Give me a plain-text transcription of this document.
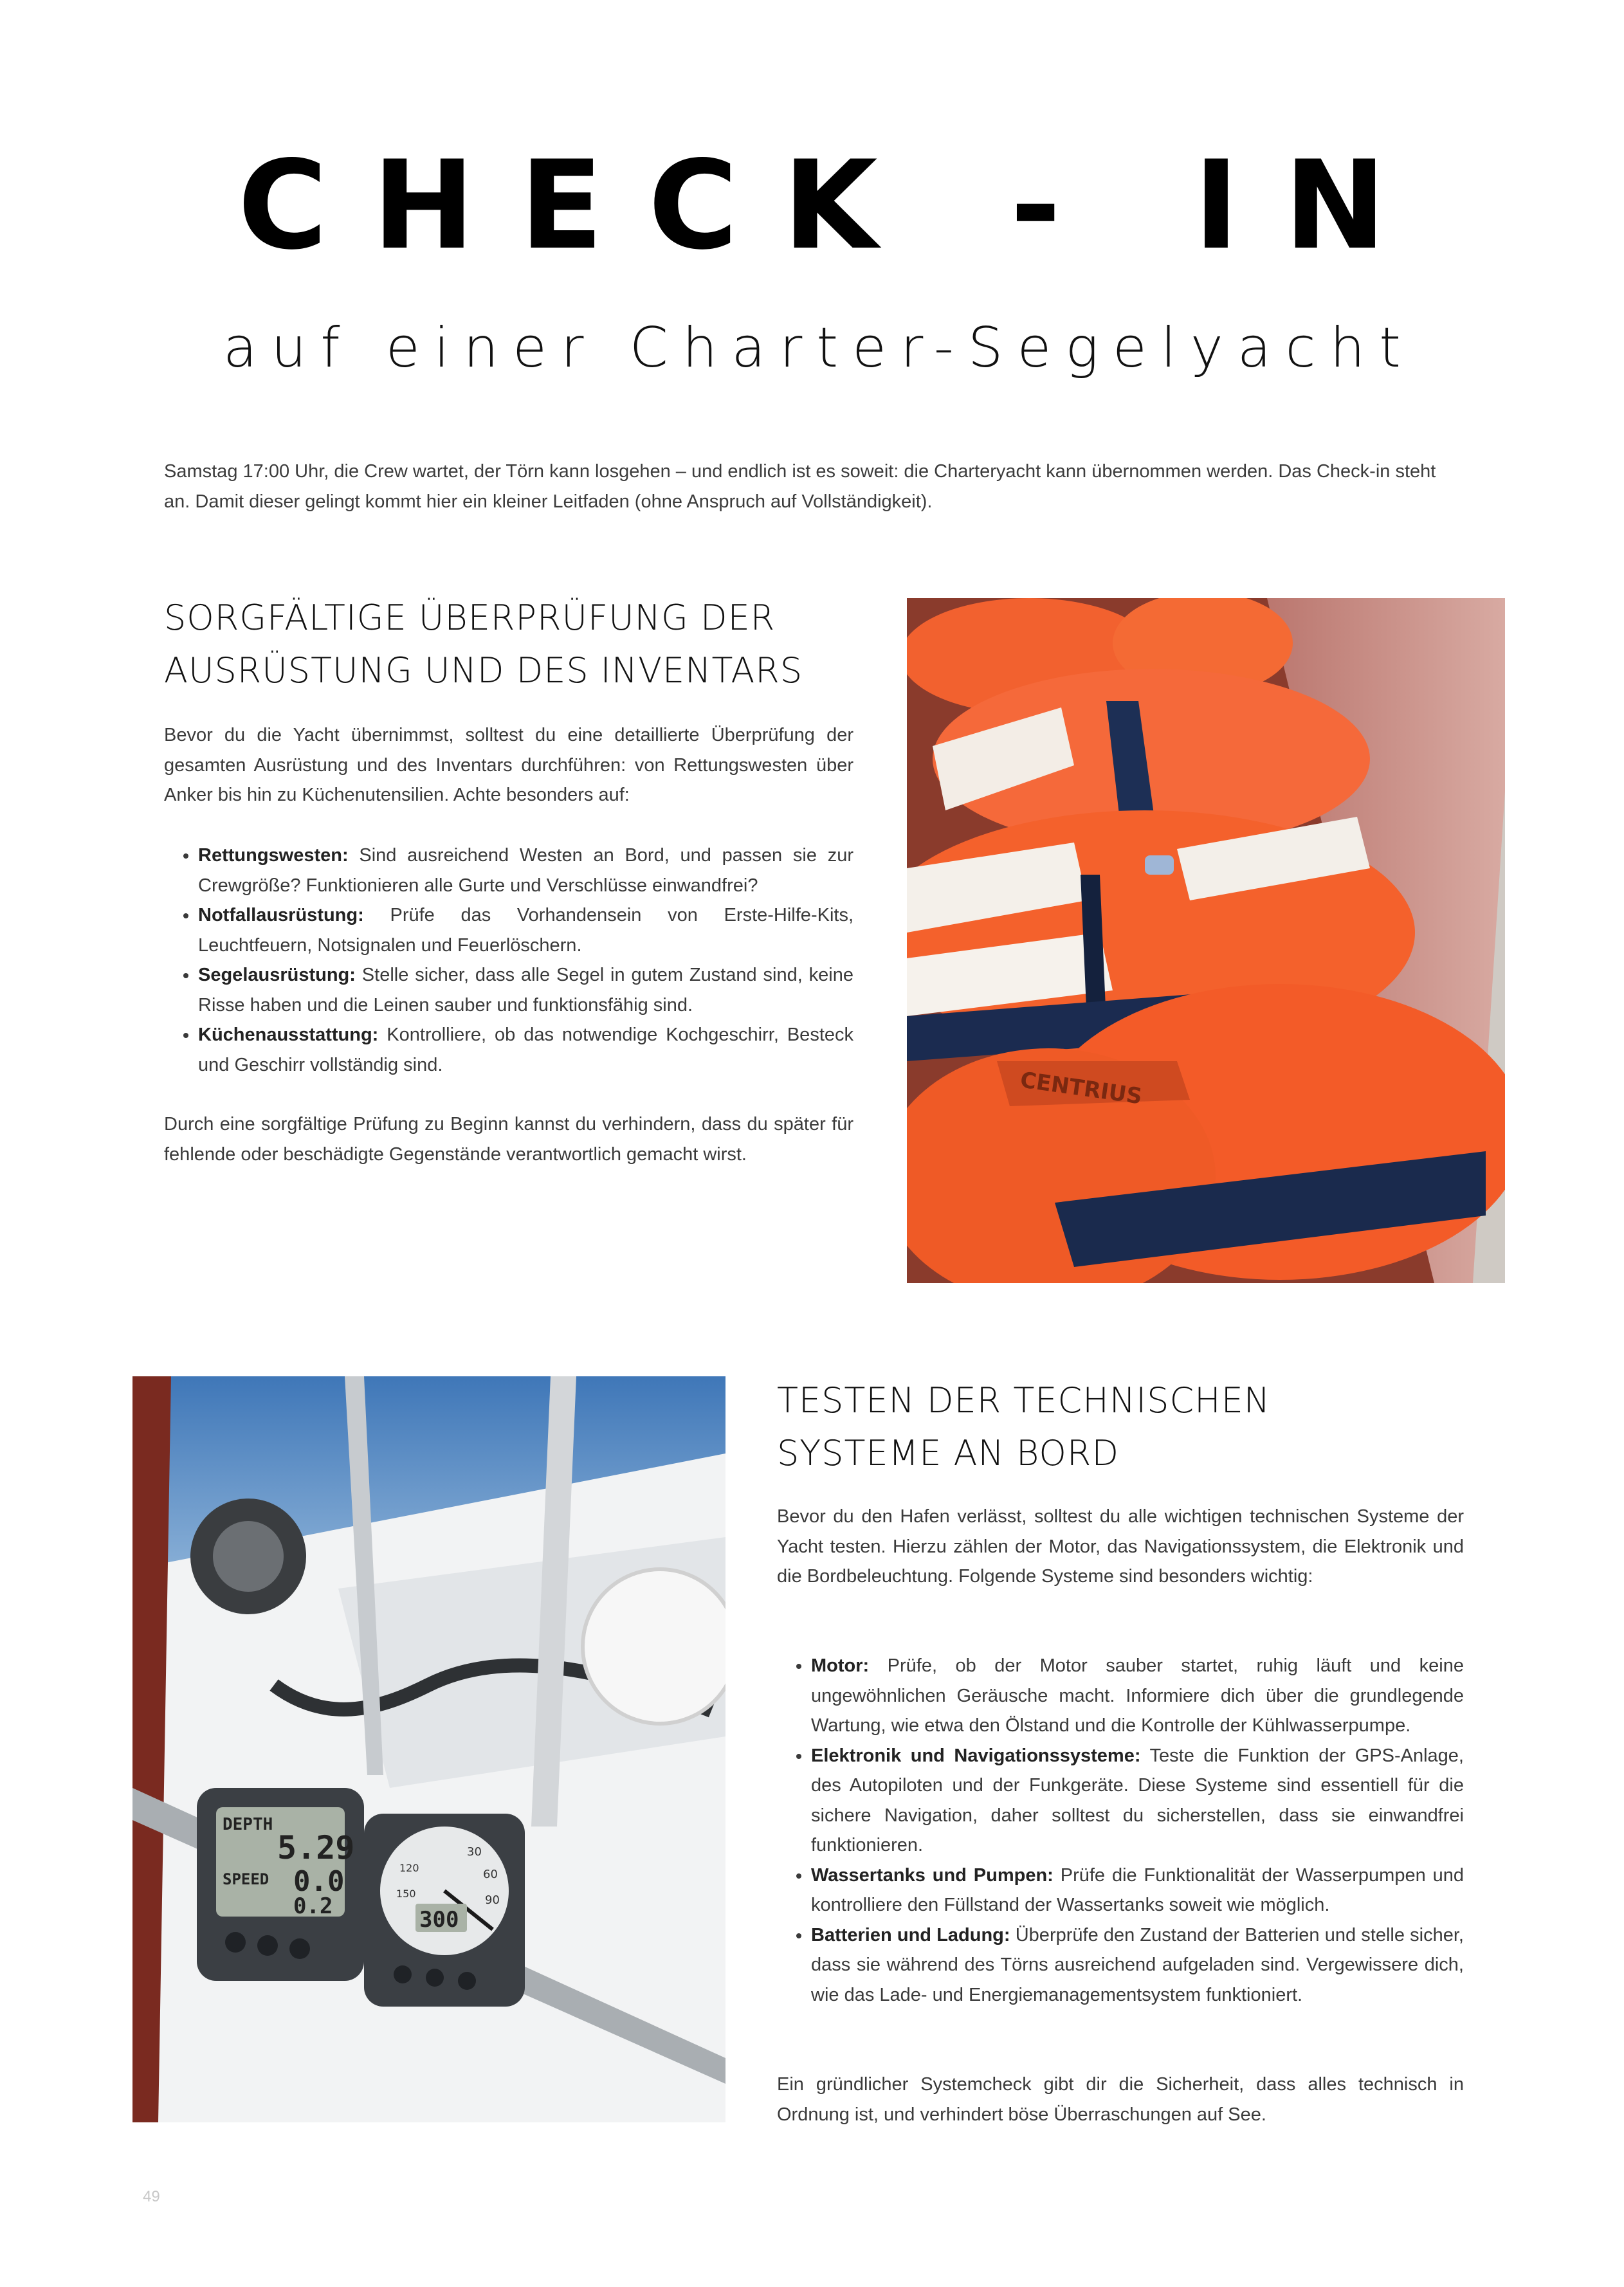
CHECK - IN
auf einer Charter-Segelyacht

Samstag 17:00 Uhr, die Crew wartet, der Törn kann losgehen – und endlich ist es soweit: die Charteryacht kann übernommen werden. Das Check-in steht an. Damit dieser gelingt kommt hier ein kleiner Leitfaden (ohne Anspruch auf Vollständigkeit).

SORGFÄLTIGE ÜBERPRÜFUNG DER
AUSRÜSTUNG UND DES INVENTARS

Bevor du die Yacht übernimmst, solltest du eine detaillierte Überprüfung der gesamten Ausrüstung und des Inventars durchführen: von Rettungswesten über Anker bis hin zu Küchenutensilien. Achte besonders auf:

• Rettungswesten: Sind ausreichend Westen an Bord, und passen sie zur Crewgröße? Funktionieren alle Gurte und Verschlüsse einwandfrei?
• Notfallausrüstung: Prüfe das Vorhandensein von Erste-Hilfe-Kits, Leuchtfeuern, Notsignalen und Feuerlöschern.
• Segelausrüstung: Stelle sicher, dass alle Segel in gutem Zustand sind, keine Risse haben und die Leinen sauber und funktionsfähig sind.
• Küchenausstattung: Kontrolliere, ob das notwendige Kochgeschirr, Besteck und Geschirr vollständig sind.

Durch eine sorgfältige Prüfung zu Beginn kannst du verhindern, dass du später für fehlende oder beschädigte Gegenstände verantwortlich gemacht wirst.

CENTRIUS
DEPTH
5.29
SPEED 0.0
0.2
30
60
90
120
150
300
TESTEN DER TECHNISCHEN
SYSTEME AN BORD

Bevor du den Hafen verlässt, solltest du alle wichtigen technischen Systeme der Yacht testen. Hierzu zählen der Motor, das Navigationssystem, die Elektronik und die Bordbeleuchtung. Folgende Systeme sind besonders wichtig:

• Motor: Prüfe, ob der Motor sauber startet, ruhig läuft und keine ungewöhnlichen Geräusche macht. Informiere dich über die grundlegende Wartung, wie etwa den Ölstand und die Kontrolle der Kühlwasserpumpe.
• Elektronik und Navigationssysteme: Teste die Funktion der GPS-Anlage, des Autopiloten und der Funkgeräte. Diese Systeme sind essentiell für die sichere Navigation, daher solltest du sicherstellen, dass sie einwandfrei funktionieren.
• Wassertanks und Pumpen: Prüfe die Funktionalität der Wasserpumpen und kontrolliere den Füllstand der Wassertanks soweit wie möglich.
• Batterien und Ladung: Überprüfe den Zustand der Batterien und stelle sicher, dass sie während des Törns ausreichend aufgeladen sind. Vergewissere dich, wie das Lade- und Energiemanagementsystem funktioniert.

Ein gründlicher Systemcheck gibt dir die Sicherheit, dass alles technisch in Ordnung ist, und verhindert böse Überraschungen auf See.

49
